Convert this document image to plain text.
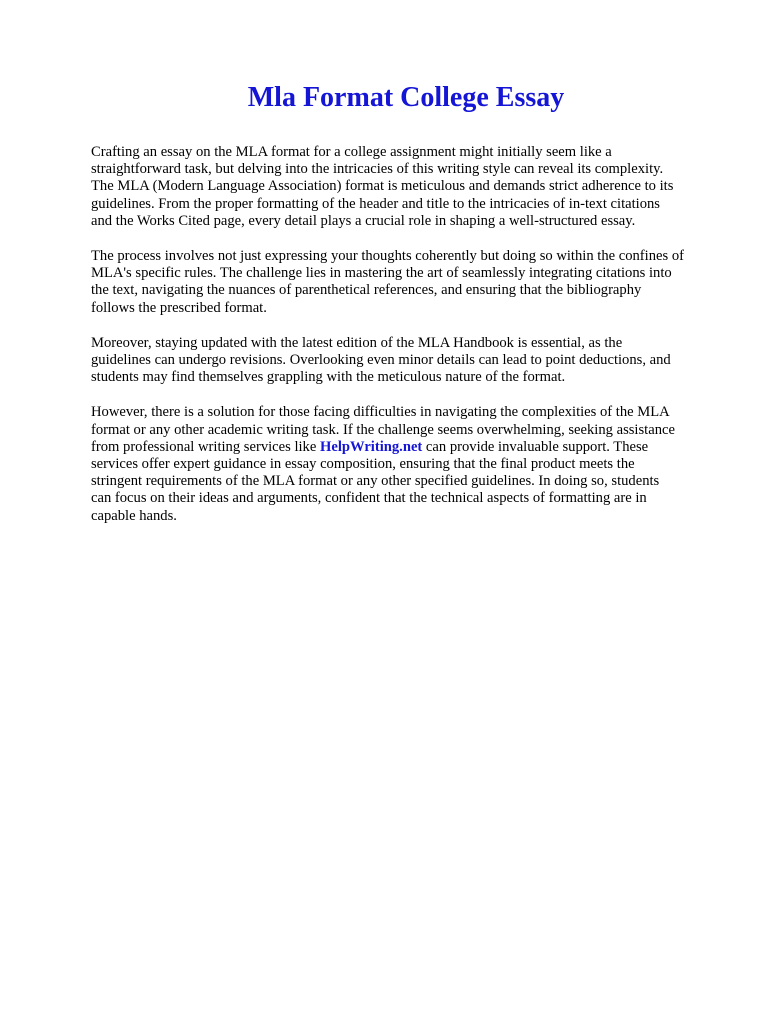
Mla Format College Essay

Crafting an essay on the MLA format for a college assignment might initially seem like a
straightforward task, but delving into the intricacies of this writing style can reveal its complexity.
The MLA (Modern Language Association) format is meticulous and demands strict adherence to its
guidelines. From the proper formatting of the header and title to the intricacies of in-text citations
and the Works Cited page, every detail plays a crucial role in shaping a well-structured essay.

The process involves not just expressing your thoughts coherently but doing so within the confines of
MLA's specific rules. The challenge lies in mastering the art of seamlessly integrating citations into
the text, navigating the nuances of parenthetical references, and ensuring that the bibliography
follows the prescribed format.

Moreover, staying updated with the latest edition of the MLA Handbook is essential, as the
guidelines can undergo revisions. Overlooking even minor details can lead to point deductions, and
students may find themselves grappling with the meticulous nature of the format.

However, there is a solution for those facing difficulties in navigating the complexities of the MLA
format or any other academic writing task. If the challenge seems overwhelming, seeking assistance
from professional writing services like HelpWriting.net can provide invaluable support. These
services offer expert guidance in essay composition, ensuring that the final product meets the
stringent requirements of the MLA format or any other specified guidelines. In doing so, students
can focus on their ideas and arguments, confident that the technical aspects of formatting are in
capable hands.
